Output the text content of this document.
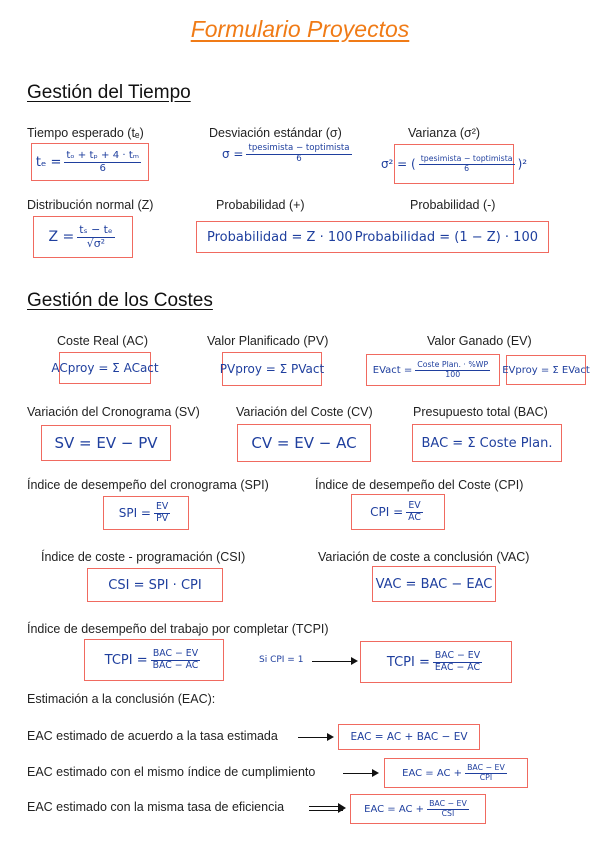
Formulario Proyectos
Gestión del Tiempo
Tiempo esperado (tₑ)
$t_e = \frac{\text{tₒ + tₚ + 4 · tₘ}}{6}$
Desviación estándar (σ)
$\sigma = \frac{\text{tpesimista − toptimista}}{6}$
Varianza (σ²)
σ² = ( $\frac{\text{tpesimista − toptimista}}{6} )^2$
Distribución normal (Z)
$Z = \frac{\text{tₛ − tₑ}}{\text{√σ²}}$
Probabilidad (+)	Probabilidad (-)
Probabilidad = Z · 100 Probabilidad = (1 − Z) · 100
Gestión de los Costes
Coste Real (AC)
ACproy = Σ ACact
Valor Planificado (PV)
PVproy = Σ PVact
Valor Ganado (EV)
EVact = $\frac{\text{Coste Plan. · \%WP}}{100}$ EVproy = Σ EVact
Variación del Cronograma (SV)
SV = EV − PV
Variación del Coste (CV)
CV = EV − AC
Presupuesto total (BAC)
BAC = Σ Coste Plan.
Índice de desempeño del cronograma (SPI)
SPI = $\frac{EV}{PV}$
Índice de desempeño del Coste (CPI)
CPI = $\frac{EV}{AC}$
Índice de coste - programación (CSI)
CSI = SPI · CPI
Variación de coste a conclusión (VAC)
VAC = BAC − EAC
Índice de desempeño del trabajo por completar (TCPI)
TCPI = $\frac{\text{BAC − EV}}{\text{BAC − AC}}$	Si CPI = 1	TCPI = $\frac{\text{BAC − EV}}{\text{EAC − AC}}$
Estimación a la conclusión (EAC):
EAC estimado de acuerdo a la tasa estimada	EAC = AC + BAC − EV
EAC estimado con el mismo índice de cumplimiento	EAC = AC + $\frac{\text{BAC − EV}}{\text{CPI}}$
EAC estimado con la misma tasa de eficiencia	EAC = AC + $\frac{\text{BAC − EV}}{\text{CSI}}$
